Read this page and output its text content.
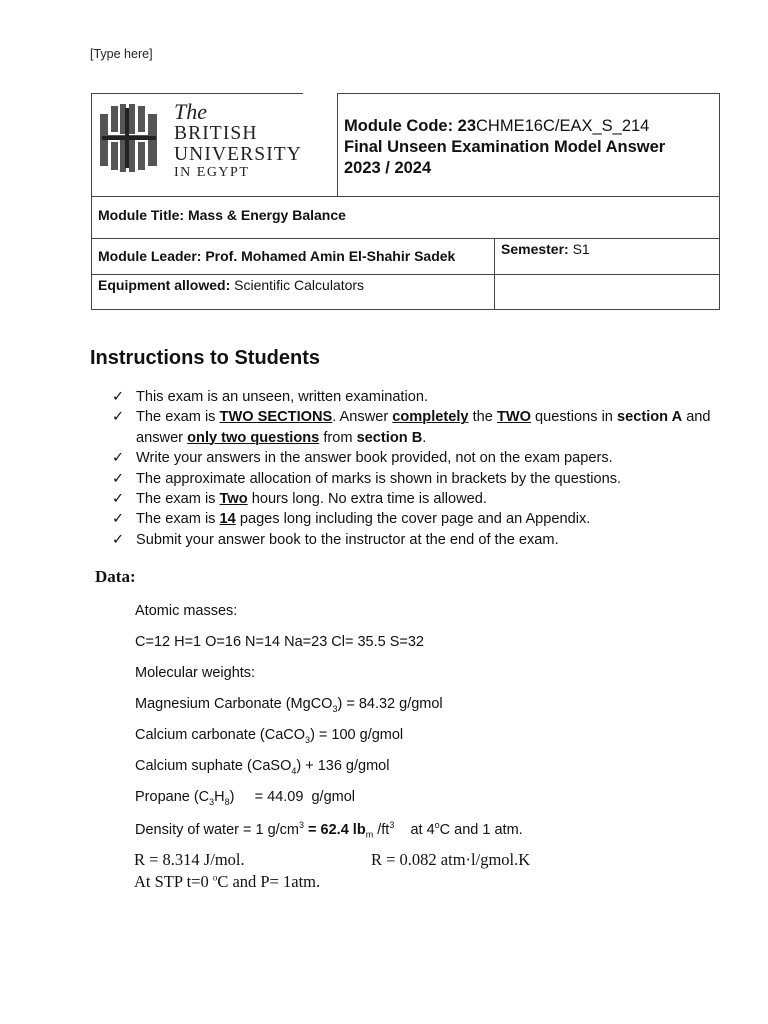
[Type here]
The
BRITISH
UNIVERSITY
IN EGYPT
Module Code: 23CHME16C/EAX_S_214
Final Unseen Examination Model Answer
2023 / 2024
Module Title: Mass & Energy Balance
Module Leader: Prof. Mohamed Amin El-Shahir Sadek	Semester: S1
Equipment allowed: Scientific Calculators
Instructions to Students
✓ This exam is an unseen, written examination.
✓ The exam is TWO SECTIONS. Answer completely the TWO questions in section A and answer only two questions from section B.
✓ Write your answers in the answer book provided, not on the exam papers.
✓ The approximate allocation of marks is shown in brackets by the questions.
✓ The exam is Two hours long. No extra time is allowed.
✓ The exam is 14 pages long including the cover page and an Appendix.
✓ Submit your answer book to the instructor at the end of the exam.
Data:
Atomic masses:
C=12 H=1 O=16 N=14 Na=23 Cl= 35.5 S=32
Molecular weights:
Magnesium Carbonate (MgCO$_3$) = 84.32 g/gmol
Calcium carbonate (CaCO$_3$) = 100 g/gmol
Calcium suphate (CaSO$_4$) + 136 g/gmol
Propane $(C_3H_8)$     = 44.09  g/gmol
Density of water = 1 $g/cm^3 = 62.4$ $lb_m$ $/ft^3$    at 4$^o$C and 1 atm.
R = 8.314 J/mol.	R = 0.082 atm·l/gmol.K
At STP t=0 $^o$C and P= 1atm.
